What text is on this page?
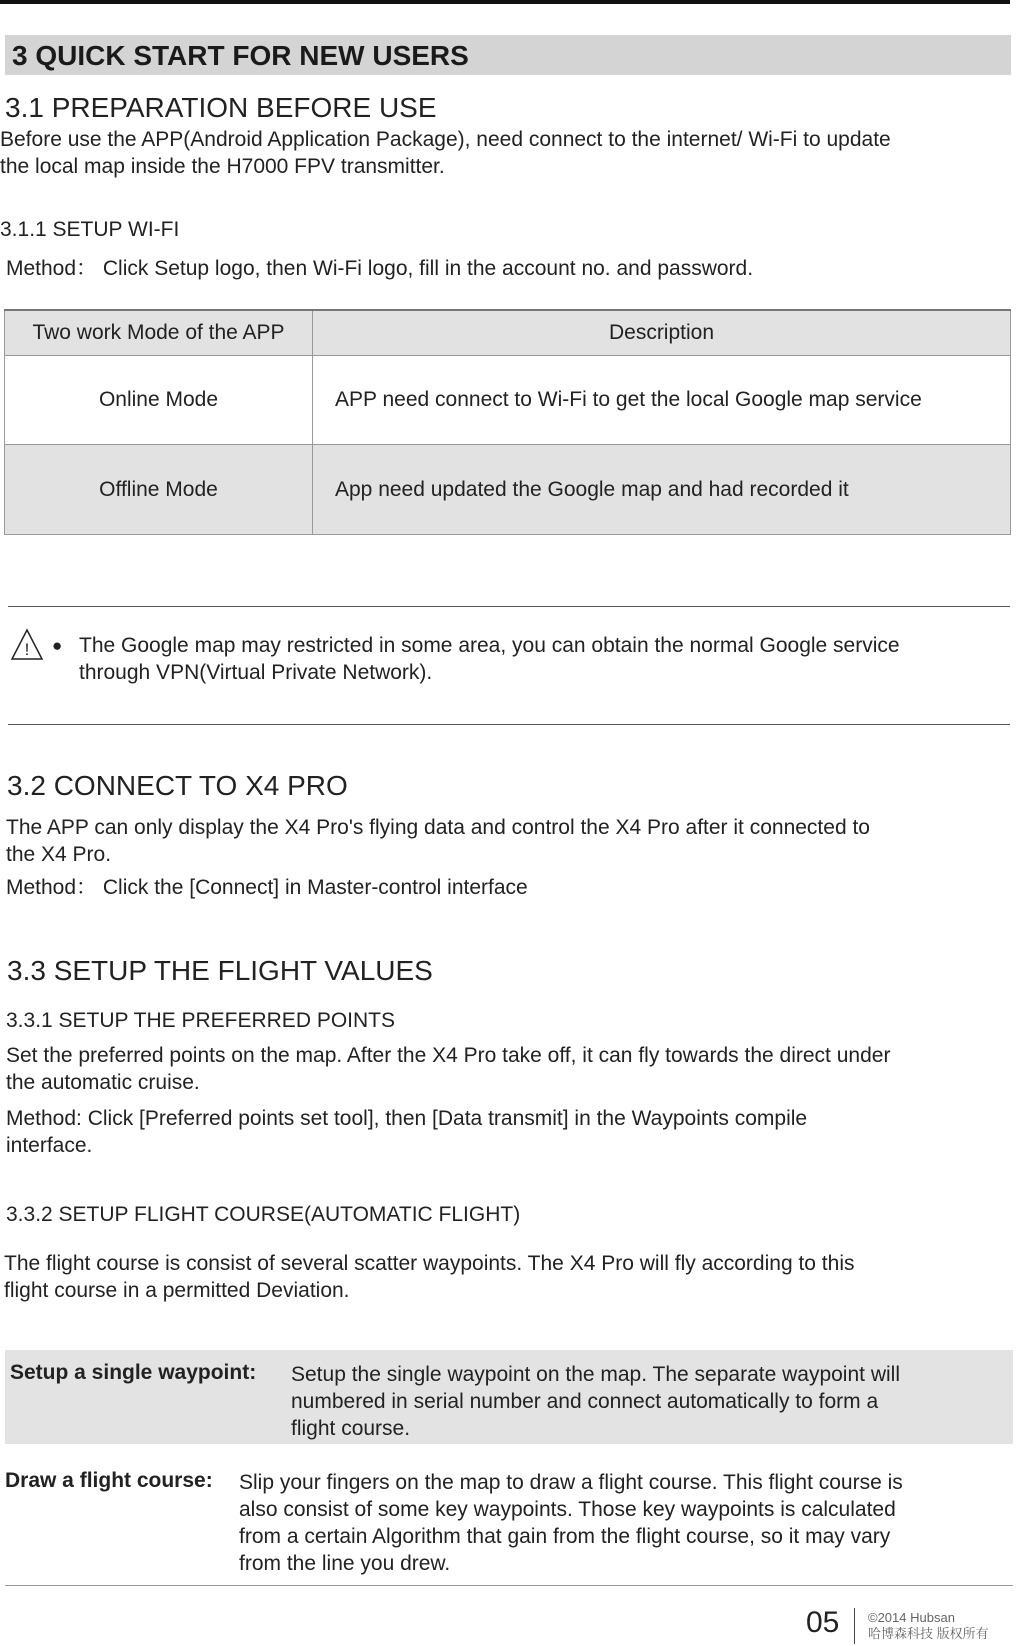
3 QUICK START FOR NEW USERS
3.1 PREPARATION BEFORE USE
Before use the APP(Android Application Package), need connect to the internet/ Wi-Fi to update
the local map inside the H7000 FPV transmitter.
3.1.1 SETUP WI-FI
Method： Click Setup logo, then Wi-Fi logo, fill in the account no. and password.
Two work Mode of the APP	Description
Online Mode	APP need connect to Wi-Fi to get the local Google map service
Offline Mode	App need updated the Google map and had recorded it
! ● The Google map may restricted in some area, you can obtain the normal Google service
through VPN(Virtual Private Network).
3.2 CONNECT TO X4 PRO
The APP can only display the X4 Pro's flying data and control the X4 Pro after it connected to
the X4 Pro.
Method： Click the [Connect] in Master-control interface
3.3 SETUP THE FLIGHT VALUES
3.3.1 SETUP THE PREFERRED POINTS
Set the preferred points on the map. After the X4 Pro take off, it can fly towards the direct under
the automatic cruise.
Method: Click [Preferred points set tool], then [Data transmit] in the Waypoints compile
interface.
3.3.2 SETUP FLIGHT COURSE(AUTOMATIC FLIGHT)
The flight course is consist of several scatter waypoints. The X4 Pro will fly according to this
flight course in a permitted Deviation.
Setup a single waypoint: Setup the single waypoint on the map. The separate waypoint will
numbered in serial number and connect automatically to form a
flight course.
Draw a flight course: Slip your fingers on the map to draw a flight course. This flight course is
also consist of some key waypoints. Those key waypoints is calculated
from a certain Algorithm that gain from the flight course, so it may vary
from the line you drew.
05 ©2014 Hubsan
哈博森科技 版权所有
